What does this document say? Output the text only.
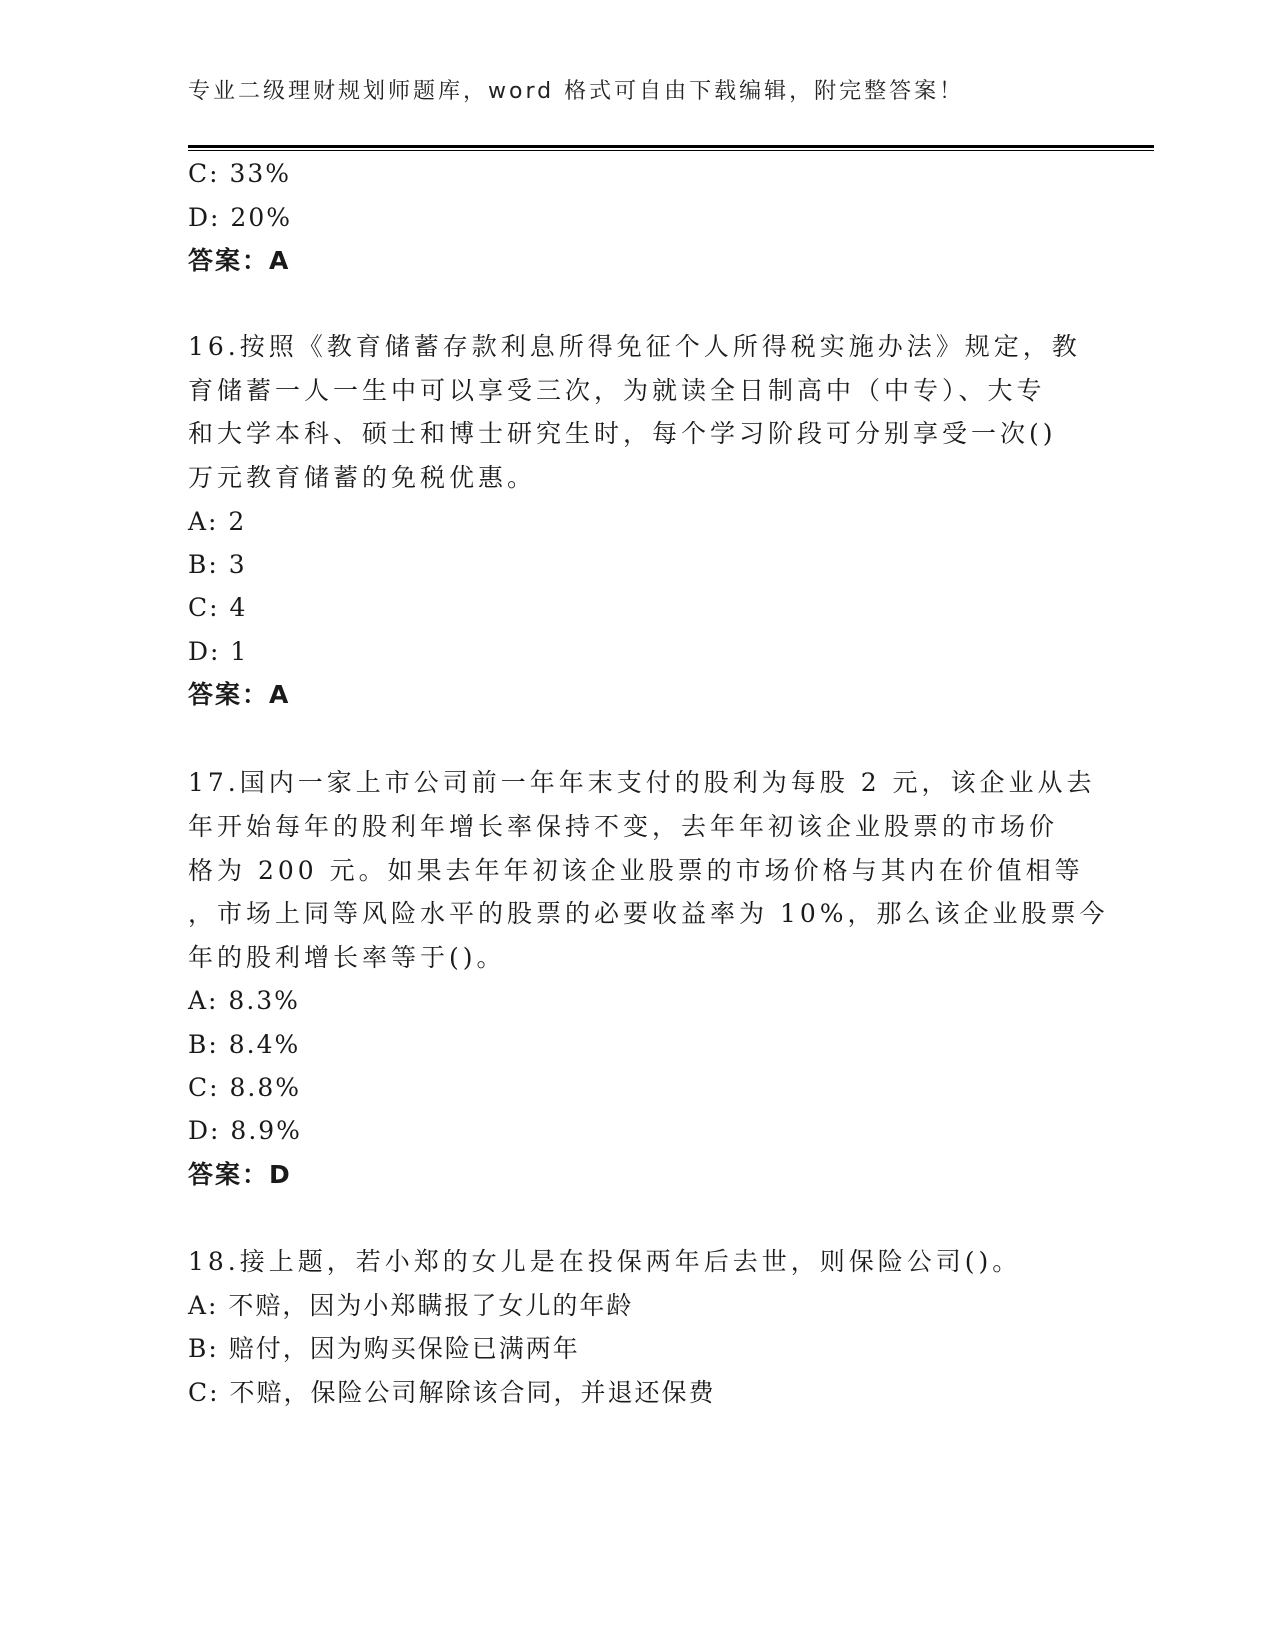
专业二级理财规划师题库，word 格式可自由下载编辑，附完整答案！
C: 33%
D: 20%
答案：A
16.按照《教育储蓄存款利息所得免征个人所得税实施办法》规定，教
育储蓄一人一生中可以享受三次，为就读全日制高中（中专）、大专
和大学本科、硕士和博士研究生时，每个学习阶段可分别享受一次()
万元教育储蓄的免税优惠。
A: 2
B: 3
C: 4
D: 1
答案：A
17.国内一家上市公司前一年年末支付的股利为每股 2 元，该企业从去
年开始每年的股利年增长率保持不变，去年年初该企业股票的市场价
格为 200 元。如果去年年初该企业股票的市场价格与其内在价值相等
，市场上同等风险水平的股票的必要收益率为 10%，那么该企业股票今
年的股利增长率等于()。
A: 8.3%
B: 8.4%
C: 8.8%
D: 8.9%
答案：D
18.接上题，若小郑的女儿是在投保两年后去世，则保险公司()。
A: 不赔，因为小郑瞒报了女儿的年龄
B: 赔付，因为购买保险已满两年
C: 不赔，保险公司解除该合同，并退还保费
